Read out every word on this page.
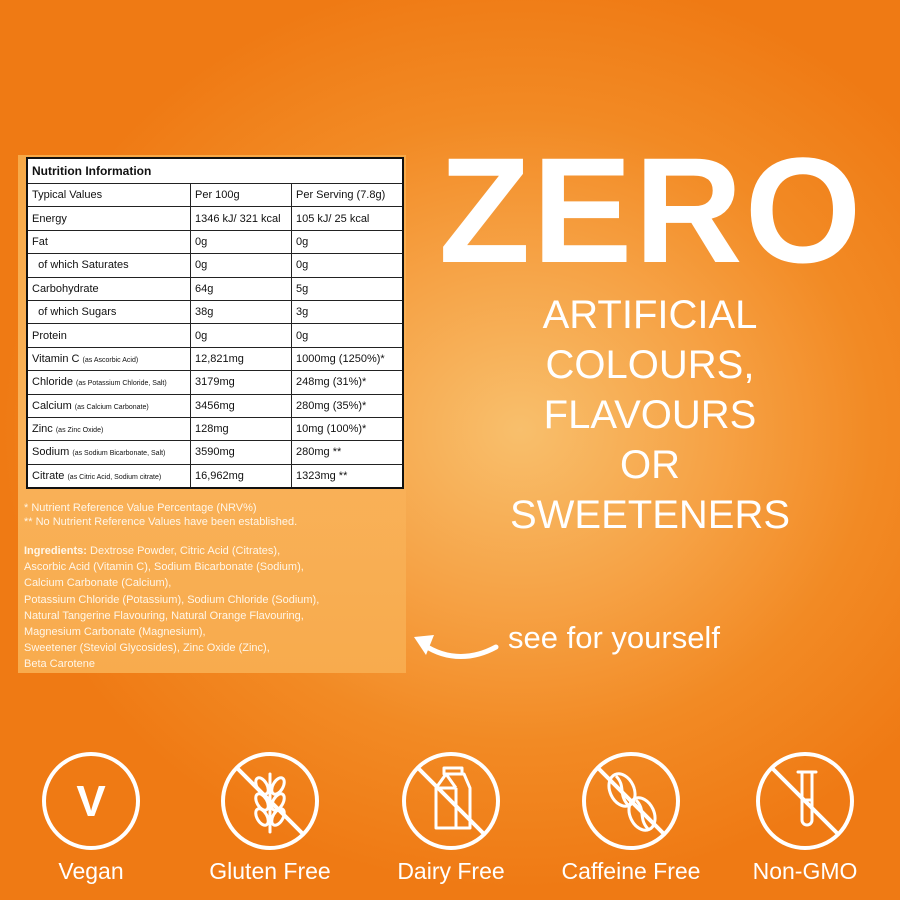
Nutrition Information		
Typical Values	Per 100g	Per Serving (7.8g)
Energy	1346 kJ/ 321 kcal	105 kJ/ 25 kcal
Fat	0g	0g
of which Saturates	0g	0g
Carbohydrate	64g	5g
of which Sugars	38g	3g
Protein	0g	0g
Vitamin C (as Ascorbic Acid)	12,821mg	1000mg (1250%)*
Chloride (as Potassium Chloride, Salt)	3179mg	248mg (31%)*
Calcium (as Calcium Carbonate)	3456mg	280mg (35%)*
Zinc (as Zinc Oxide)	128mg	10mg (100%)*
Sodium (as Sodium Bicarbonate, Salt)	3590mg	280mg **
Citrate (as Citric Acid, Sodium citrate)	16,962mg	1323mg **
* Nutrient Reference Value Percentage (NRV%)
** No Nutrient Reference Values have been established.
Ingredients: Dextrose Powder, Citric Acid (Citrates),
Ascorbic Acid (Vitamin C), Sodium Bicarbonate (Sodium),
Calcium Carbonate (Calcium),
Potassium Chloride (Potassium), Sodium Chloride (Sodium),
Natural Tangerine Flavouring, Natural Orange Flavouring,
Magnesium Carbonate (Magnesium),
Sweetener (Steviol Glycosides), Zinc Oxide (Zinc),
Beta Carotene
ZERO
ARTIFICIAL
COLOURS,
FLAVOURS
OR
SWEETENERS
see for yourself
V
Vegan	Gluten Free	Dairy Free	Caffeine Free	Non-GMO
